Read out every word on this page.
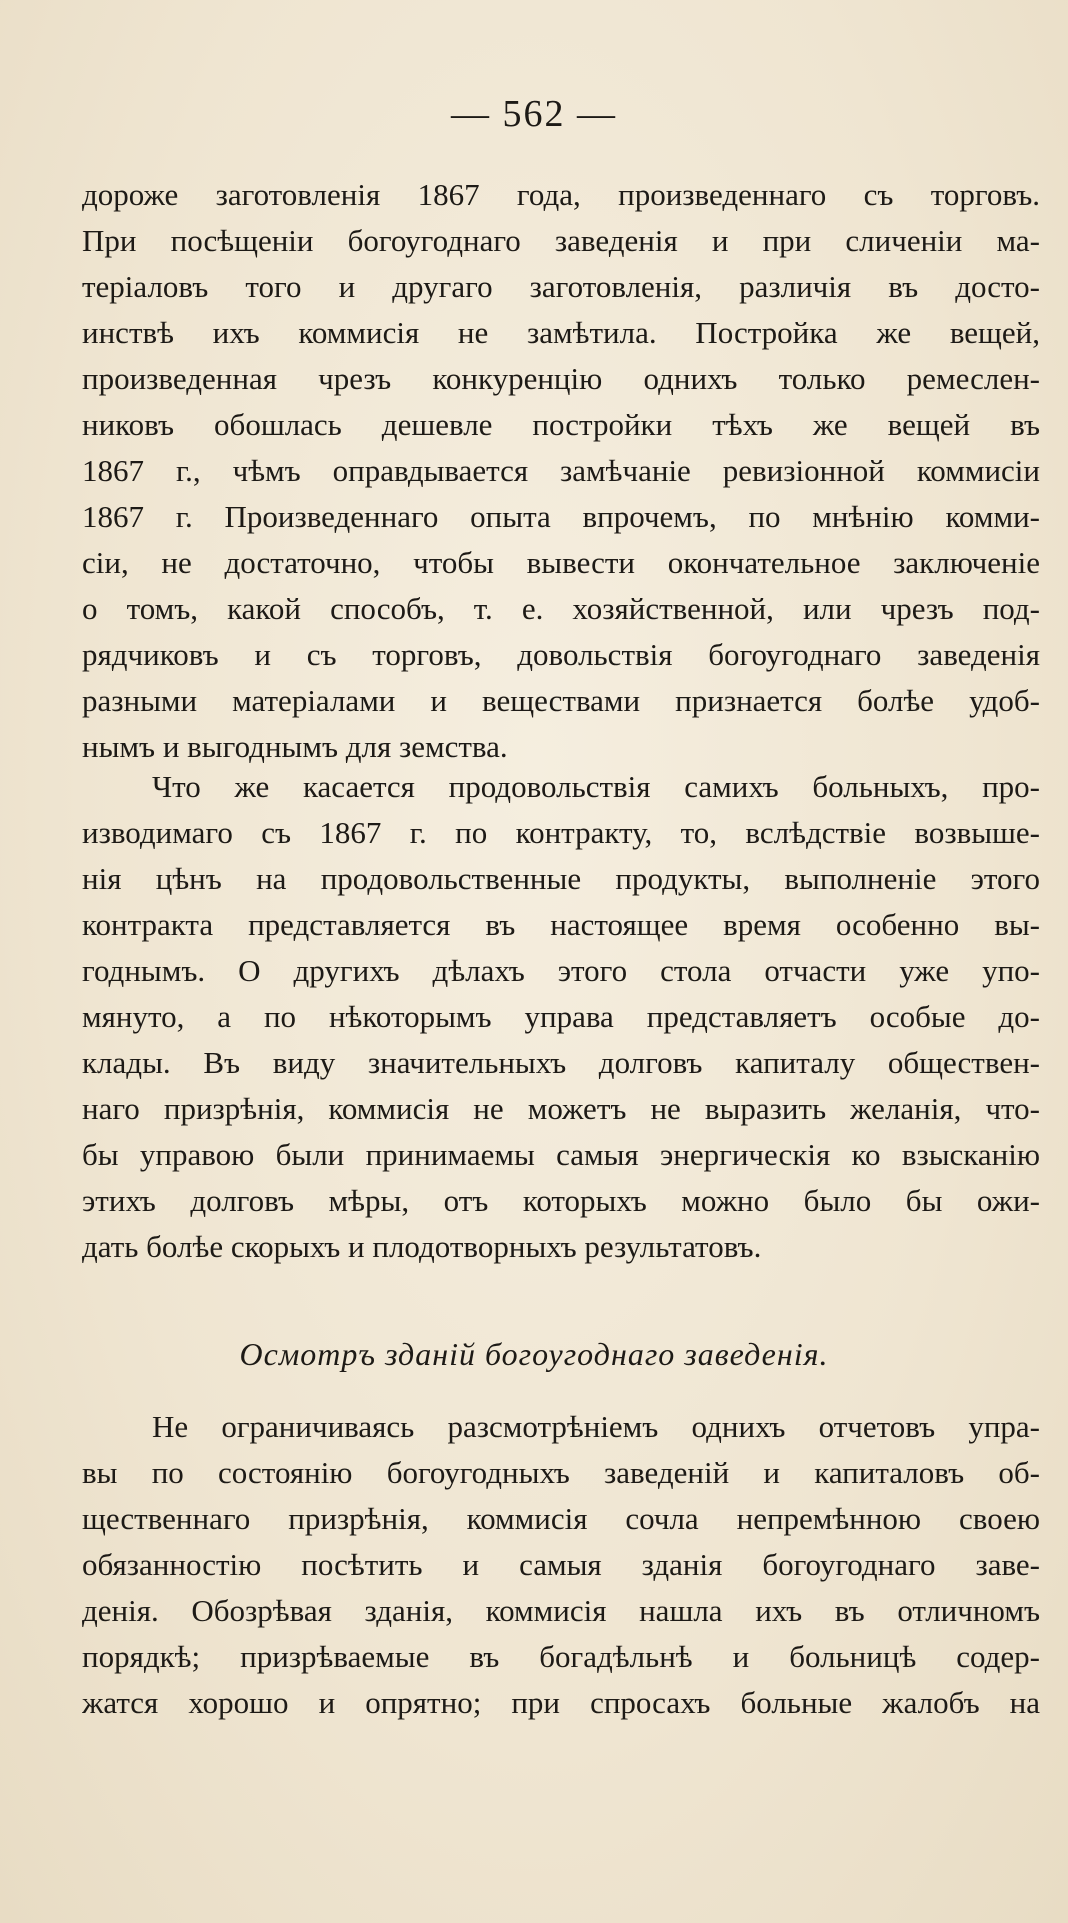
— 562 —
дороже заготовленія 1867 года, произведеннаго съ торговъ.
При посѣщеніи богоугоднаго заведенія и при сличеніи ма-
теріаловъ того и другаго заготовленія, различія въ досто-
инствѣ ихъ коммисія не замѣтила. Постройка же вещей,
произведенная чрезъ конкуренцію однихъ только ремеслен-
никовъ обошлась дешевле постройки тѣхъ же вещей въ
1867 г., чѣмъ оправдывается замѣчаніе ревизіонной коммисіи
1867 г. Произведеннаго опыта впрочемъ, по мнѣнію комми-
сіи, не достаточно, чтобы вывести окончательное заключеніе
о томъ, какой способъ, т. е. хозяйственной, или чрезъ под-
рядчиковъ и съ торговъ, довольствія богоугоднаго заведенія
разными матеріалами и веществами признается болѣе удоб-
нымъ и выгоднымъ для земства.
Что же касается продовольствія самихъ больныхъ, про-
изводимаго съ 1867 г. по контракту, то, вслѣдствіе возвыше-
нія цѣнъ на продовольственные продукты, выполненіе этого
контракта представляется въ настоящее время особенно вы-
годнымъ. О другихъ дѣлахъ этого стола отчасти уже упо-
мянуто, а по нѣкоторымъ управа представляетъ особые до-
клады. Въ виду значительныхъ долговъ капиталу обществен-
наго призрѣнія, коммисія не можетъ не выразить желанія, что-
бы управою были принимаемы самыя энергическія ко взысканію
этихъ долговъ мѣры, отъ которыхъ можно было бы ожи-
дать болѣе скорыхъ и плодотворныхъ результатовъ.
Осмотръ зданій богоугоднаго заведенія.
Не ограничиваясь разсмотрѣніемъ однихъ отчетовъ упра-
вы по состоянію богоугодныхъ заведеній и капиталовъ об-
щественнаго призрѣнія, коммисія сочла непремѣнною своею
обязанностію посѣтить и самыя зданія богоугоднаго заве-
денія. Обозрѣвая зданія, коммисія нашла ихъ въ отличномъ
порядкѣ; призрѣваемые въ богадѣльнѣ и больницѣ содер-
жатся хорошо и опрятно; при спросахъ больные жалобъ на
